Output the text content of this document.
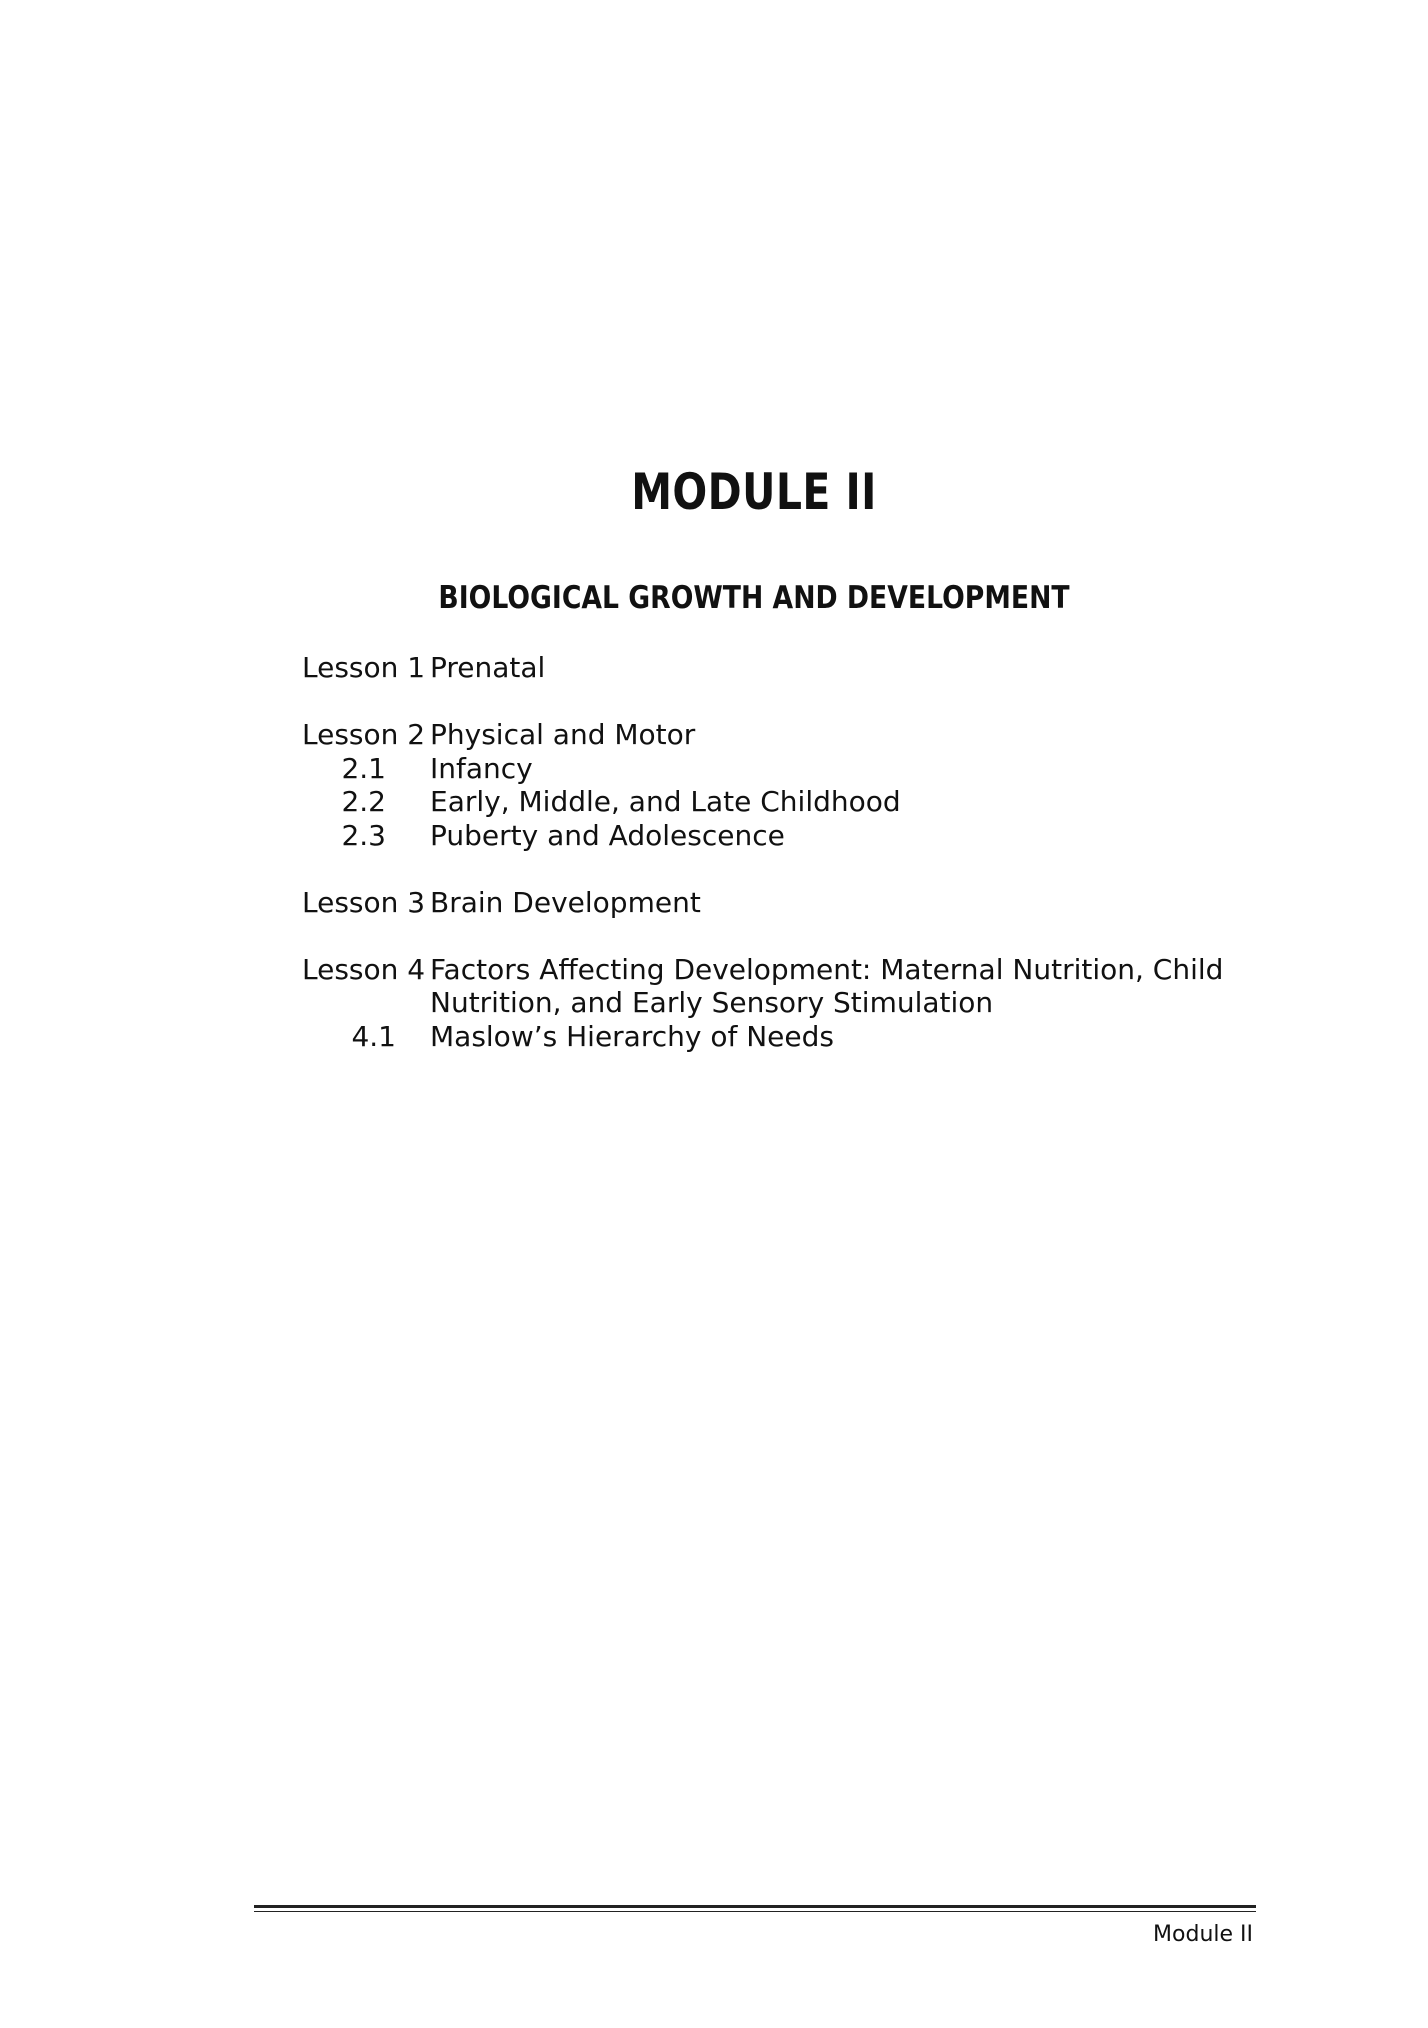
MODULE II
BIOLOGICAL GROWTH AND DEVELOPMENT
Lesson 1 Prenatal
Lesson 2 Physical and Motor
2.1 Infancy
2.2 Early, Middle, and Late Childhood
2.3 Puberty and Adolescence
Lesson 3 Brain Development
Lesson 4 Factors Affecting Development: Maternal Nutrition, Child
Nutrition, and Early Sensory Stimulation
4.1 Maslow’s Hierarchy of Needs
Module II
